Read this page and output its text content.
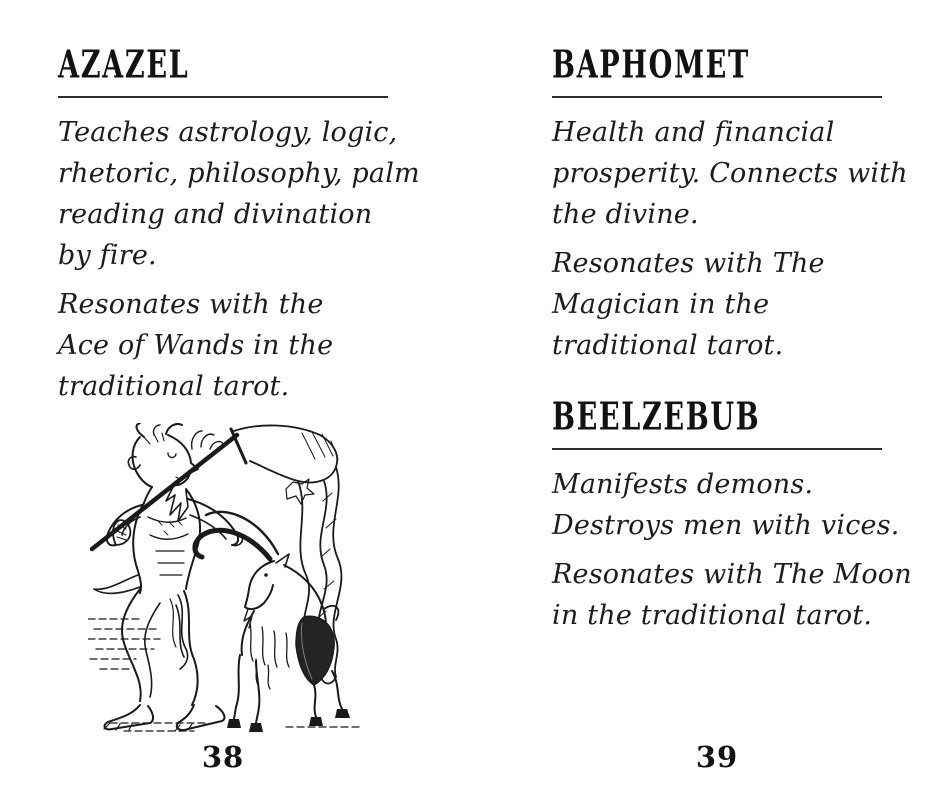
AZAZEL

Teaches astrology, logic,
rhetoric, philosophy, palm
reading and divination
by fire.

Resonates with the
Ace of Wands in the
traditional tarot.

38
BAPHOMET

Health and financial
prosperity. Connects with
the divine.

Resonates with The
Magician in the
traditional tarot.

BEELZEBUB

Manifests demons.
Destroys men with vices.

Resonates with The Moon
in the traditional tarot.

39
